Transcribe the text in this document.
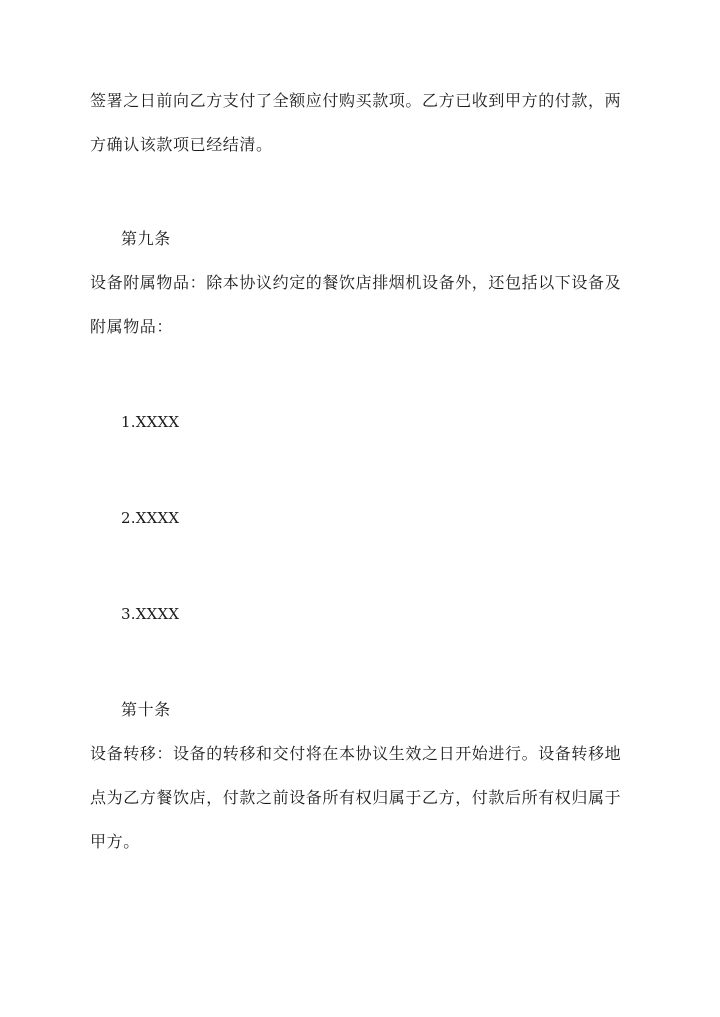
签署之日前向乙方支付了全额应付购买款项。乙方已收到甲方的付款，两
方确认该款项已经结清。
第九条
设备附属物品：除本协议约定的餐饮店排烟机设备外，还包括以下设备及
附属物品：
1.XXXX
2.XXXX
3.XXXX
第十条
设备转移：设备的转移和交付将在本协议生效之日开始进行。设备转移地
点为乙方餐饮店，付款之前设备所有权归属于乙方，付款后所有权归属于
甲方。
